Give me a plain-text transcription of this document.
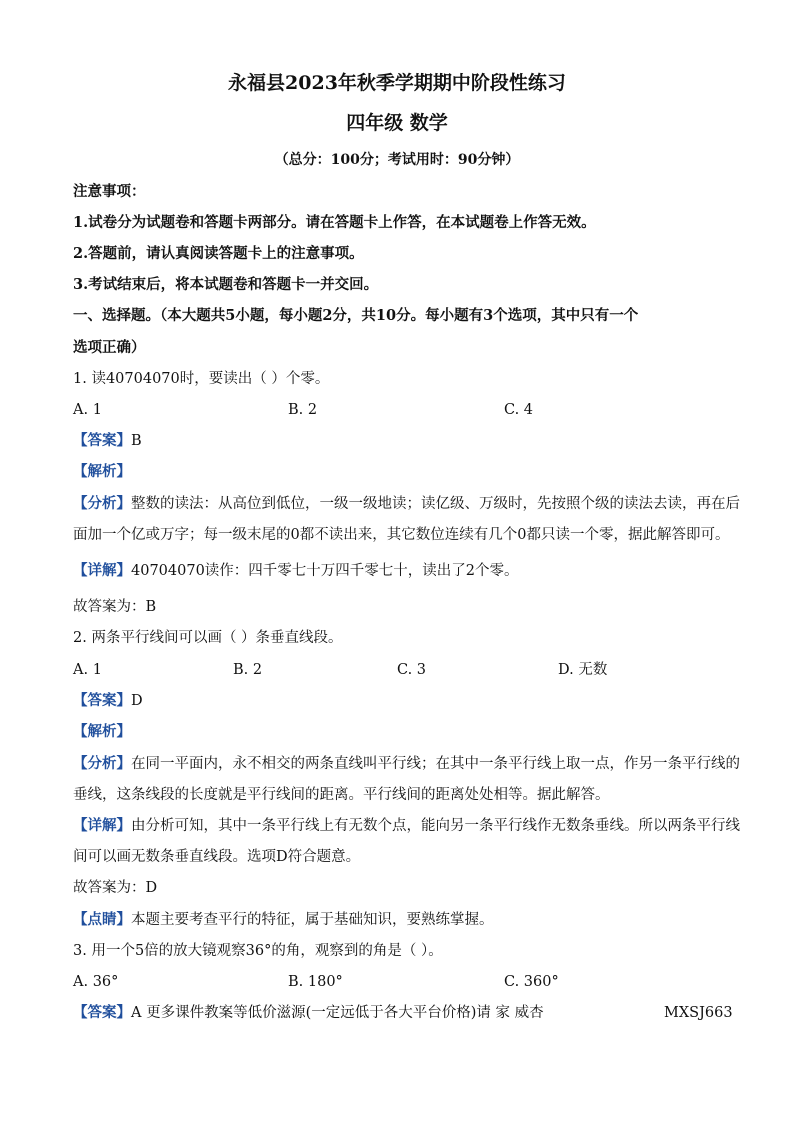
永福县2023年秋季学期期中阶段性练习
四年级 数学
（总分：100分；考试用时：90分钟）
注意事项：
1.试卷分为试题卷和答题卡两部分。请在答题卡上作答，在本试题卷上作答无效。
2.答题前，请认真阅读答题卡上的注意事项。
3.考试结束后，将本试题卷和答题卡一并交回。
一、选择题。（本大题共5小题，每小题2分，共10分。每小题有3个选项，其中只有一个
选项正确）
1. 读40704070时，要读出（ ）个零。
A. 1	B. 2	C. 4
【答案】B
【解析】
【分析】整数的读法：从高位到低位，一级一级地读；读亿级、万级时，先按照个级的读法去读，再在后
面加一个亿或万字；每一级末尾的0都不读出来，其它数位连续有几个0都只读一个零，据此解答即可。
【详解】40704070读作：四千零七十万四千零七十，读出了2个零。
故答案为：B
2. 两条平行线间可以画（ ）条垂直线段。
A. 1	B. 2	C. 3	D. 无数
【答案】D
【解析】
【分析】在同一平面内，永不相交的两条直线叫平行线；在其中一条平行线上取一点，作另一条平行线的
垂线，这条线段的长度就是平行线间的距离。平行线间的距离处处相等。据此解答。
【详解】由分析可知，其中一条平行线上有无数个点，能向另一条平行线作无数条垂线。所以两条平行线
间可以画无数条垂直线段。选项D符合题意。
故答案为：D
【点睛】本题主要考查平行的特征，属于基础知识，要熟练掌握。
3. 用一个5倍的放大镜观察36°的角，观察到的角是（ ）。
A. 36°	B. 180°	C. 360°
【答案】A 更多课件教案等低价滋源(一定远低于各大平台价格)请 家 威杏	MXSJ663
